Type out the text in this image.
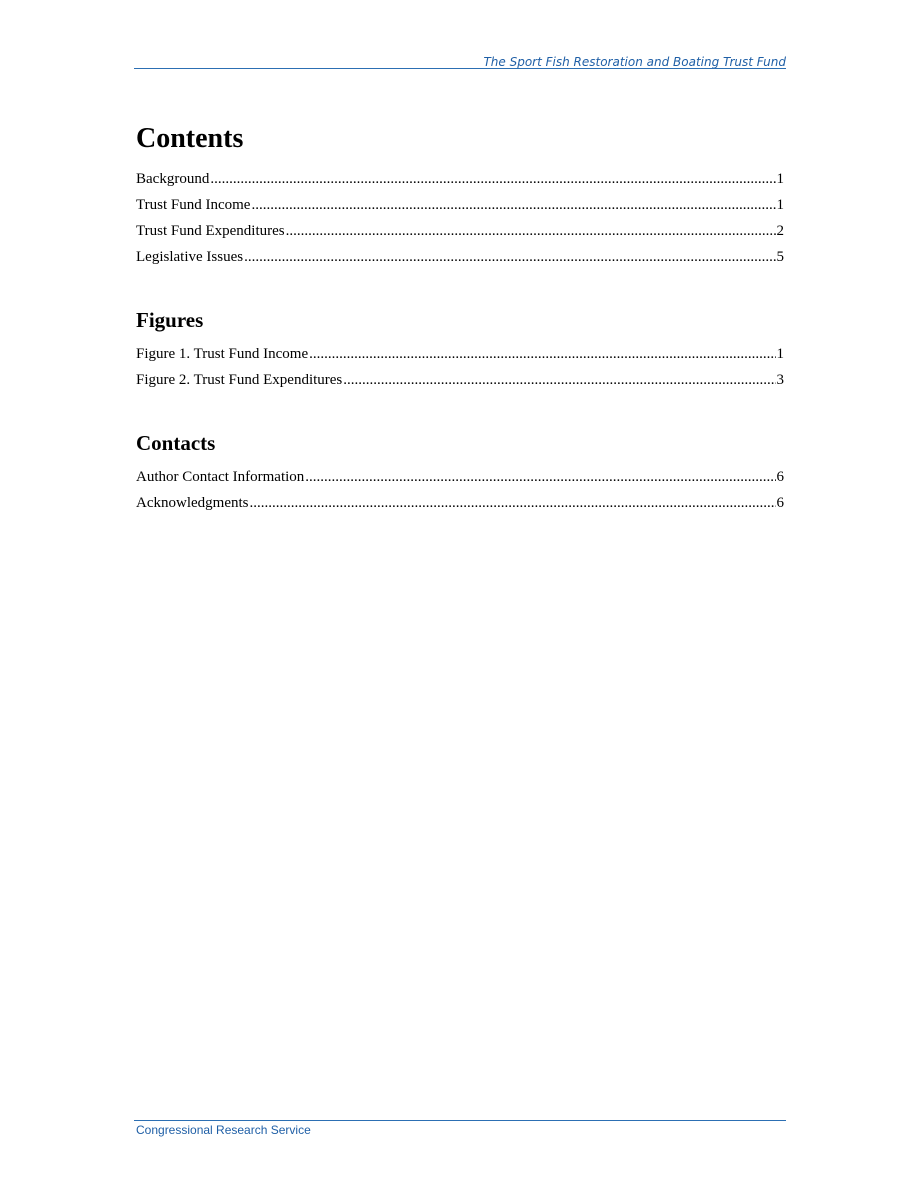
The Sport Fish Restoration and Boating Trust Fund
Contents
Background .....	1
Trust Fund Income .....	1
Trust Fund Expenditures .....	2
Legislative Issues .....	5
Figures
Figure 1. Trust Fund Income .....	1
Figure 2. Trust Fund Expenditures .....	3
Contacts
Author Contact Information .....	6
Acknowledgments .....	6
Congressional Research Service
